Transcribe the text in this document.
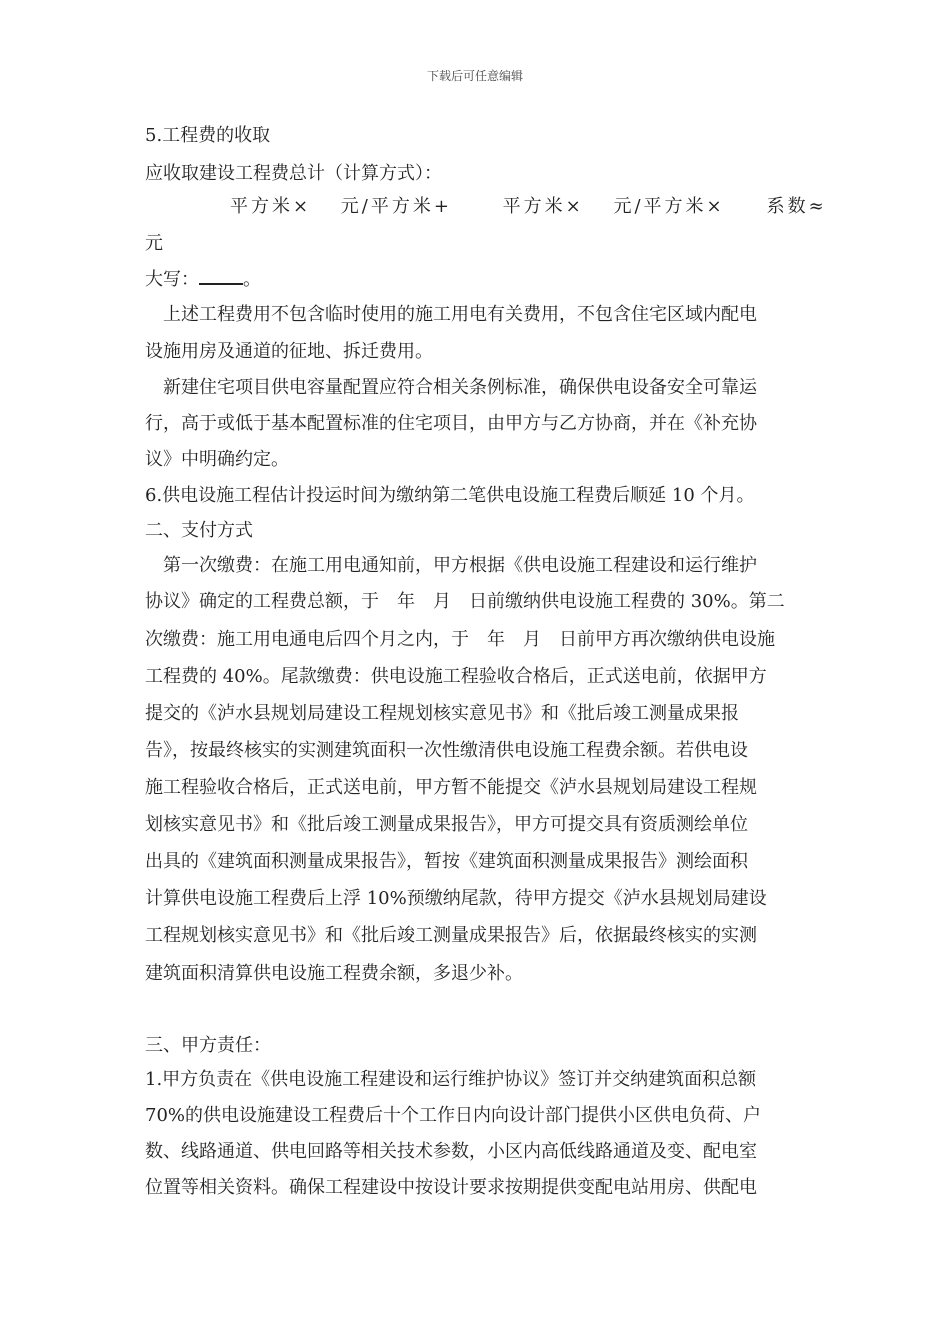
下载后可任意编辑
5.工程费的收取
应收取建设工程费总计（计算方式）：
平方米×　 元/平方米+　　 平方米×　 元/平方米×　　系数≈
元
大写： 。
　上述工程费用不包含临时使用的施工用电有关费用，不包含住宅区域内配电
设施用房及通道的征地、拆迁费用。
　新建住宅项目供电容量配置应符合相关条例标准，确保供电设备安全可靠运
行，高于或低于基本配置标准的住宅项目，由甲方与乙方协商，并在《补充协
议》中明确约定。
6.供电设施工程估计投运时间为缴纳第二笔供电设施工程费后顺延 10 个月。
二、支付方式
　第一次缴费：在施工用电通知前，甲方根据《供电设施工程建设和运行维护
协议》确定的工程费总额，于　年　月　日前缴纳供电设施工程费的 30%。第二
次缴费：施工用电通电后四个月之内，于　年　月　日前甲方再次缴纳供电设施
工程费的 40%。尾款缴费：供电设施工程验收合格后，正式送电前，依据甲方
提交的《泸水县规划局建设工程规划核实意见书》和《批后竣工测量成果报
告》，按最终核实的实测建筑面积一次性缴清供电设施工程费余额。若供电设
施工程验收合格后，正式送电前，甲方暂不能提交《泸水县规划局建设工程规
划核实意见书》和《批后竣工测量成果报告》，甲方可提交具有资质测绘单位
出具的《建筑面积测量成果报告》，暂按《建筑面积测量成果报告》测绘面积
计算供电设施工程费后上浮 10%预缴纳尾款，待甲方提交《泸水县规划局建设
工程规划核实意见书》和《批后竣工测量成果报告》后，依据最终核实的实测
建筑面积清算供电设施工程费余额，多退少补。
三、甲方责任：
1.甲方负责在《供电设施工程建设和运行维护协议》签订并交纳建筑面积总额
70%的供电设施建设工程费后十个工作日内向设计部门提供小区供电负荷、户
数、线路通道、供电回路等相关技术参数，小区内高低线路通道及变、配电室
位置等相关资料。确保工程建设中按设计要求按期提供变配电站用房、供配电
